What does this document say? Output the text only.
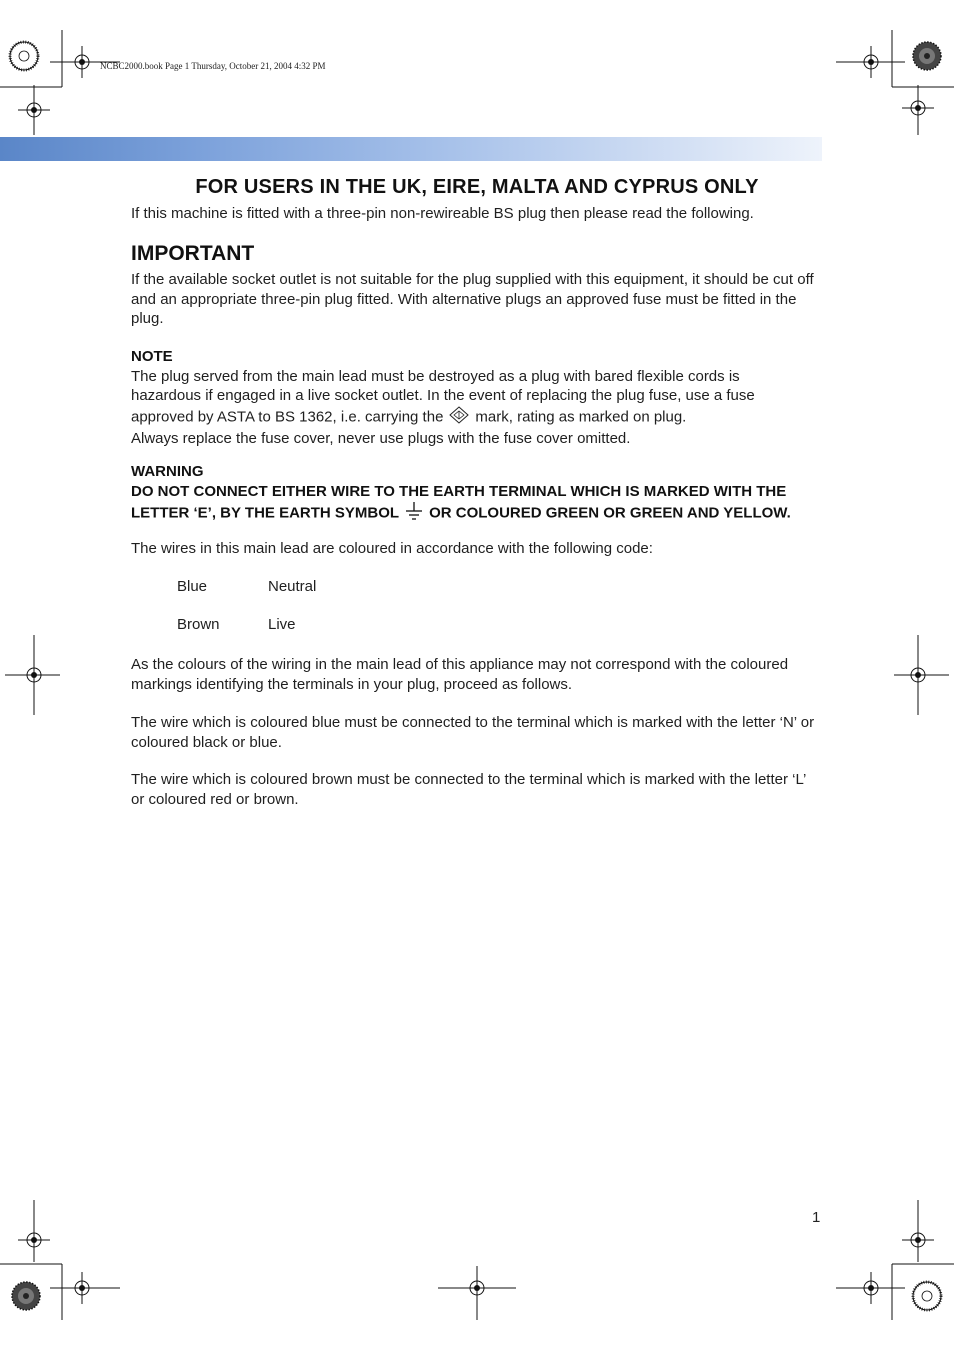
NCBC2000.book Page 1 Thursday, October 21, 2004 4:32 PM
FOR USERS IN THE UK, EIRE, MALTA AND CYPRUS ONLY

If this machine is fitted with a three-pin non-rewireable BS plug then please read the following.

IMPORTANT

If the available socket outlet is not suitable for the plug supplied with this equipment, it should be cut off and an appropriate three-pin plug fitted. With alternative plugs an approved fuse must be fitted in the plug.

NOTE
The plug served from the main lead must be destroyed as a plug with bared flexible cords is
hazardous if engaged in a live socket outlet. In the event of replacing the plug fuse, use a fuse
approved by ASTA to BS 1362, i.e. carrying the mark, rating as marked on plug.
Always replace the fuse cover, never use plugs with the fuse cover omitted.
WARNING
DO NOT CONNECT EITHER WIRE TO THE EARTH TERMINAL WHICH IS MARKED WITH THE
LETTER ‘E’, BY THE EARTH SYMBOL OR COLOURED GREEN OR GREEN AND YELLOW.

The wires in this main lead are coloured in accordance with the following code:

Blue	Neutral
Brown	Live

As the colours of the wiring in the main lead of this appliance may not correspond with the coloured markings identifying the terminals in your plug, proceed as follows.

The wire which is coloured blue must be connected to the terminal which is marked with the letter ‘N’ or coloured black or blue.

The wire which is coloured brown must be connected to the terminal which is marked with the letter ‘L’ or coloured red or brown.

1
